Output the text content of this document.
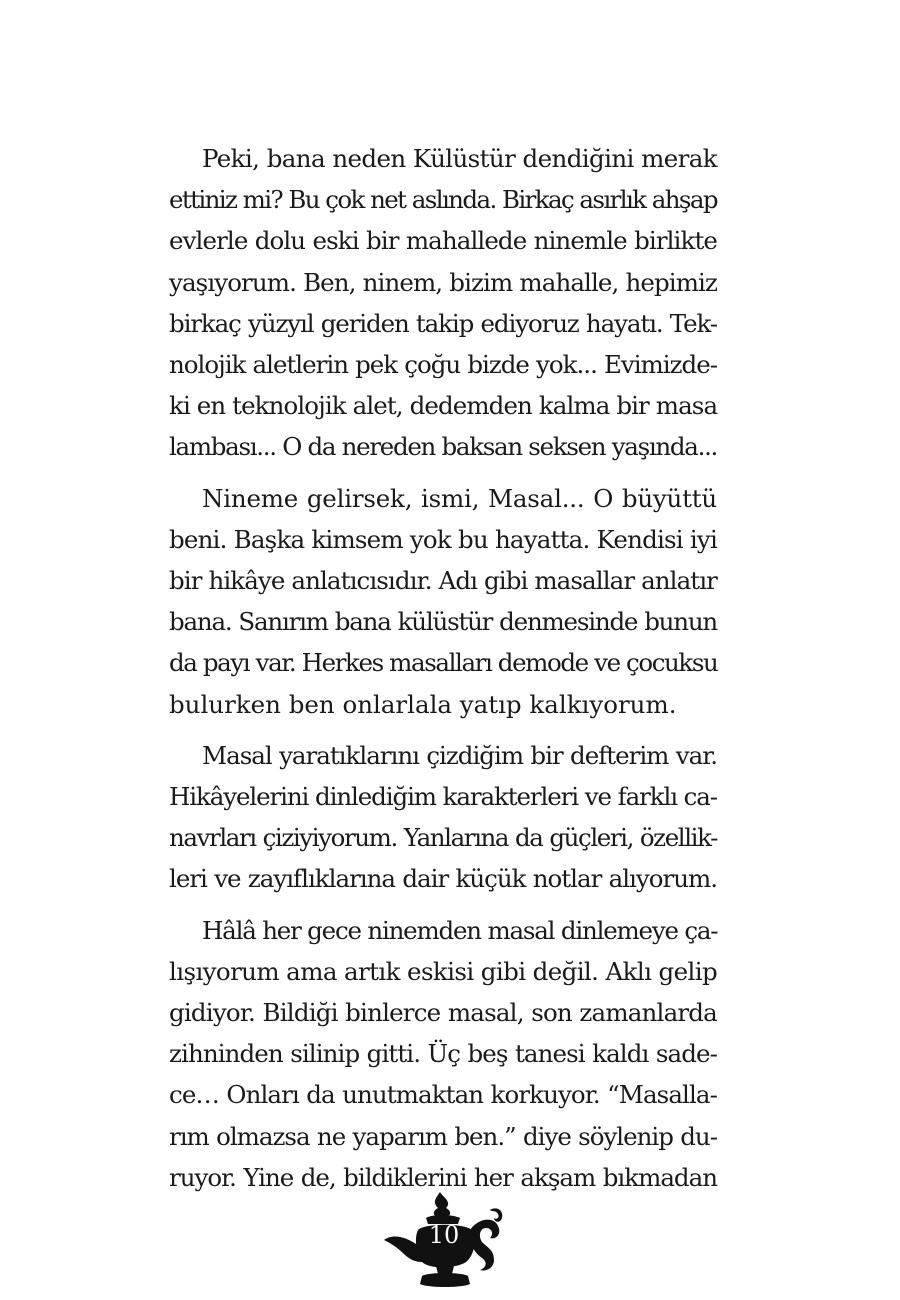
Peki, bana neden Külüstür dendiğini merak
ettiniz mi? Bu çok net aslında. Birkaç asırlık ahşap
evlerle dolu eski bir mahallede ninemle birlikte
yaşıyorum. Ben, ninem, bizim mahalle, hepimiz
birkaç yüzyıl geriden takip ediyoruz hayatı. Tek-
nolojik aletlerin pek çoğu bizde yok... Evimizde-
ki en teknolojik alet, dedemden kalma bir masa
lambası... O da nereden baksan seksen yaşında...
Nineme gelirsek, ismi, Masal... O büyüttü
beni. Başka kimsem yok bu hayatta. Kendisi iyi
bir hikâye anlatıcısıdır. Adı gibi masallar anlatır
bana. Sanırım bana külüstür denmesinde bunun
da payı var. Herkes masalları demode ve çocuksu
bulurken ben onlarlala yatıp kalkıyorum.
Masal yaratıklarını çizdiğim bir defterim var.
Hikâyelerini dinlediğim karakterleri ve farklı ca-
navrları çiziyiyorum. Yanlarına da güçleri, özellik-
leri ve zayıflıklarına dair küçük notlar alıyorum.
Hâlâ her gece ninemden masal dinlemeye ça-
lışıyorum ama artık eskisi gibi değil. Aklı gelip
gidiyor. Bildiği binlerce masal, son zamanlarda
zihninden silinip gitti. Üç beş tanesi kaldı sade-
ce… Onları da unutmaktan korkuyor. “Masalla-
rım olmazsa ne yaparım ben.” diye söylenip du-
ruyor. Yine de, bildiklerini her akşam bıkmadan
10
